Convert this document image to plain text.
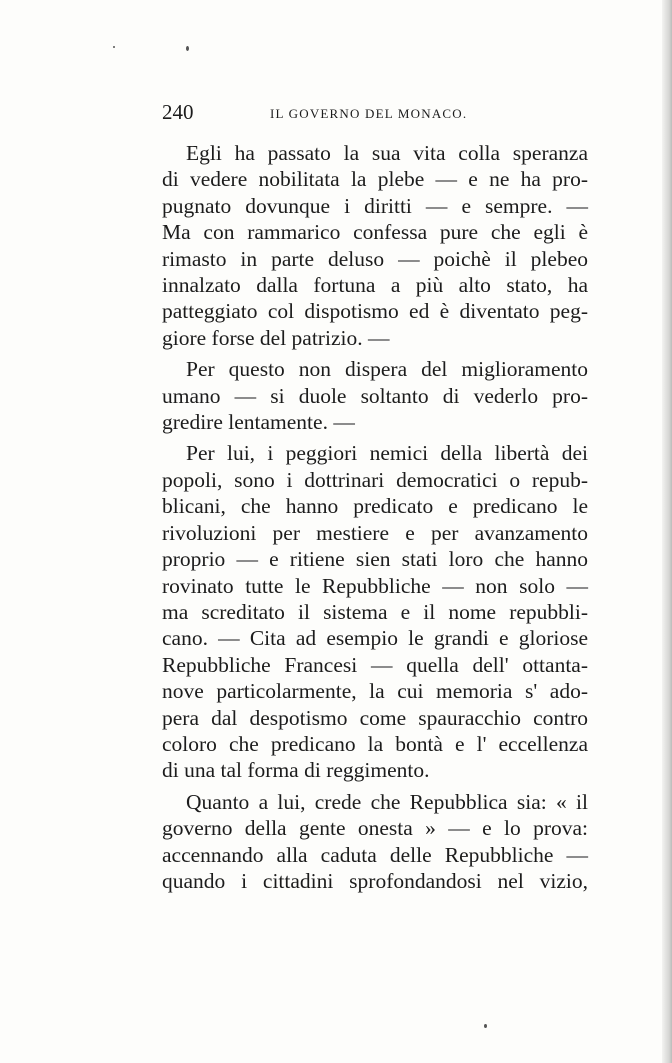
240	IL GOVERNO DEL MONACO.
Egli ha passato la sua vita colla speranza
di vedere nobilitata la plebe — e ne ha pro-
pugnato dovunque i diritti — e sempre. —
Ma con rammarico confessa pure che egli è
rimasto in parte deluso — poichè il plebeo
innalzato dalla fortuna a più alto stato, ha
patteggiato col dispotismo ed è diventato peg-
giore forse del patrizio. —
Per questo non dispera del miglioramento
umano — si duole soltanto di vederlo pro-
gredire lentamente. —
Per lui, i peggiori nemici della libertà dei
popoli, sono i dottrinari democratici o repub-
blicani, che hanno predicato e predicano le
rivoluzioni per mestiere e per avanzamento
proprio — e ritiene sien stati loro che hanno
rovinato tutte le Repubbliche — non solo —
ma screditato il sistema e il nome repubbli-
cano. — Cita ad esempio le grandi e gloriose
Repubbliche Francesi — quella dell' ottanta-
nove particolarmente, la cui memoria s' ado-
pera dal despotismo come spauracchio contro
coloro che predicano la bontà e l' eccellenza
di una tal forma di reggimento.
Quanto a lui, crede che Repubblica sia: « il
governo della gente onesta » — e lo prova:
accennando alla caduta delle Repubbliche —
quando i cittadini sprofondandosi nel vizio,
